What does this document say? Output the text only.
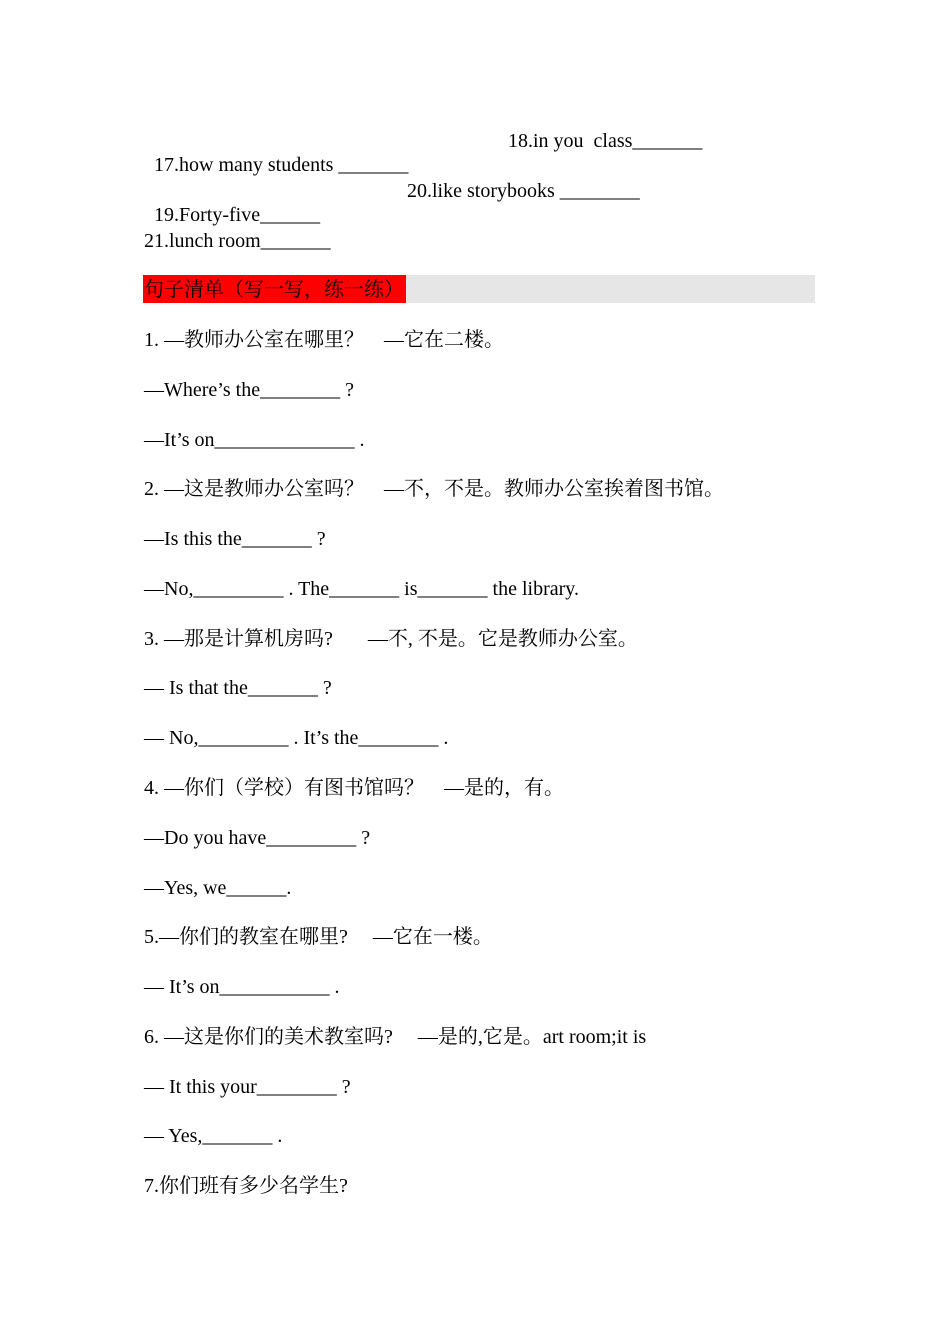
17.how many students _______

18.in you  class_______

19.Forty-five______

20.like storybooks ________

21.lunch room_______
句子清单（写一写，练一练）
1. —教师办公室在哪里？    —它在二楼。
—Where’s the________ ?
—It’s on______________ .
2. —这是教师办公室吗？    —不，不是。教师办公室挨着图书馆。
—Is this the_______ ?
—No,_________ . The_______ is_______ the library.
3. —那是计算机房吗?       —不, 不是。它是教师办公室。
— Is that the_______ ?
— No,_________ . It’s the________ .
4. —你们（学校）有图书馆吗？    —是的，有。
—Do you have_________ ?
—Yes, we______.
5.—你们的教室在哪里?     —它在一楼。
— It’s on___________ .
6. —这是你们的美术教室吗?     —是的,它是。art room;it is
— It this your________ ?
— Yes,_______ .
7.你们班有多少名学生?
